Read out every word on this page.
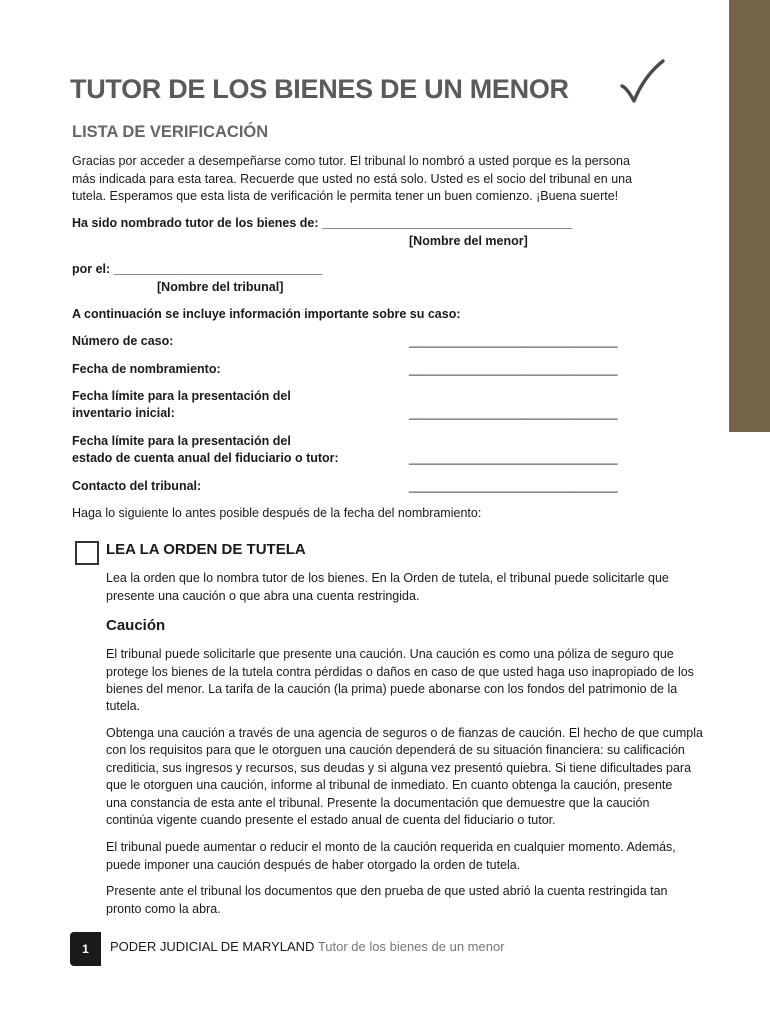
TUTOR DE LOS BIENES DE UN MENOR
LISTA DE VERIFICACIÓN
Gracias por acceder a desempeñarse como tutor. El tribunal lo nombró a usted porque es la persona
más indicada para esta tarea. Recuerde que usted no está solo. Usted es el socio del tribunal en una
tutela. Esperamos que esta lista de verificación le permita tener un buen comienzo. ¡Buena suerte!
Ha sido nombrado tutor de los bienes de: ____________________________________
[Nombre del menor]
por el: ______________________________
[Nombre del tribunal]
A continuación se incluye información importante sobre su caso:
Número de caso:	______________________________
Fecha de nombramiento:	______________________________
Fecha límite para la presentación del
inventario inicial:	______________________________
Fecha límite para la presentación del
estado de cuenta anual del fiduciario o tutor:	______________________________
Contacto del tribunal:	______________________________
Haga lo siguiente lo antes posible después de la fecha del nombramiento:
LEA LA ORDEN DE TUTELA
Lea la orden que lo nombra tutor de los bienes. En la Orden de tutela, el tribunal puede solicitarle que
presente una caución o que abra una cuenta restringida.
Caución
El tribunal puede solicitarle que presente una caución. Una caución es como una póliza de seguro que
protege los bienes de la tutela contra pérdidas o daños en caso de que usted haga uso inapropiado de los
bienes del menor. La tarifa de la caución (la prima) puede abonarse con los fondos del patrimonio de la
tutela.
Obtenga una caución a través de una agencia de seguros o de fianzas de caución. El hecho de que cumpla
con los requisitos para que le otorguen una caución dependerá de su situación financiera: su calificación
crediticia, sus ingresos y recursos, sus deudas y si alguna vez presentó quiebra. Si tiene dificultades para
que le otorguen una caución, informe al tribunal de inmediato. En cuanto obtenga la caución, presente
una constancia de esta ante el tribunal. Presente la documentación que demuestre que la caución
continúa vigente cuando presente el estado anual de cuenta del fiduciario o tutor.
El tribunal puede aumentar o reducir el monto de la caución requerida en cualquier momento. Además,
puede imponer una caución después de haber otorgado la orden de tutela.
Presente ante el tribunal los documentos que den prueba de que usted abrió la cuenta restringida tan
pronto como la abra.
1	PODER JUDICIAL DE MARYLAND Tutor de los bienes de un menor
